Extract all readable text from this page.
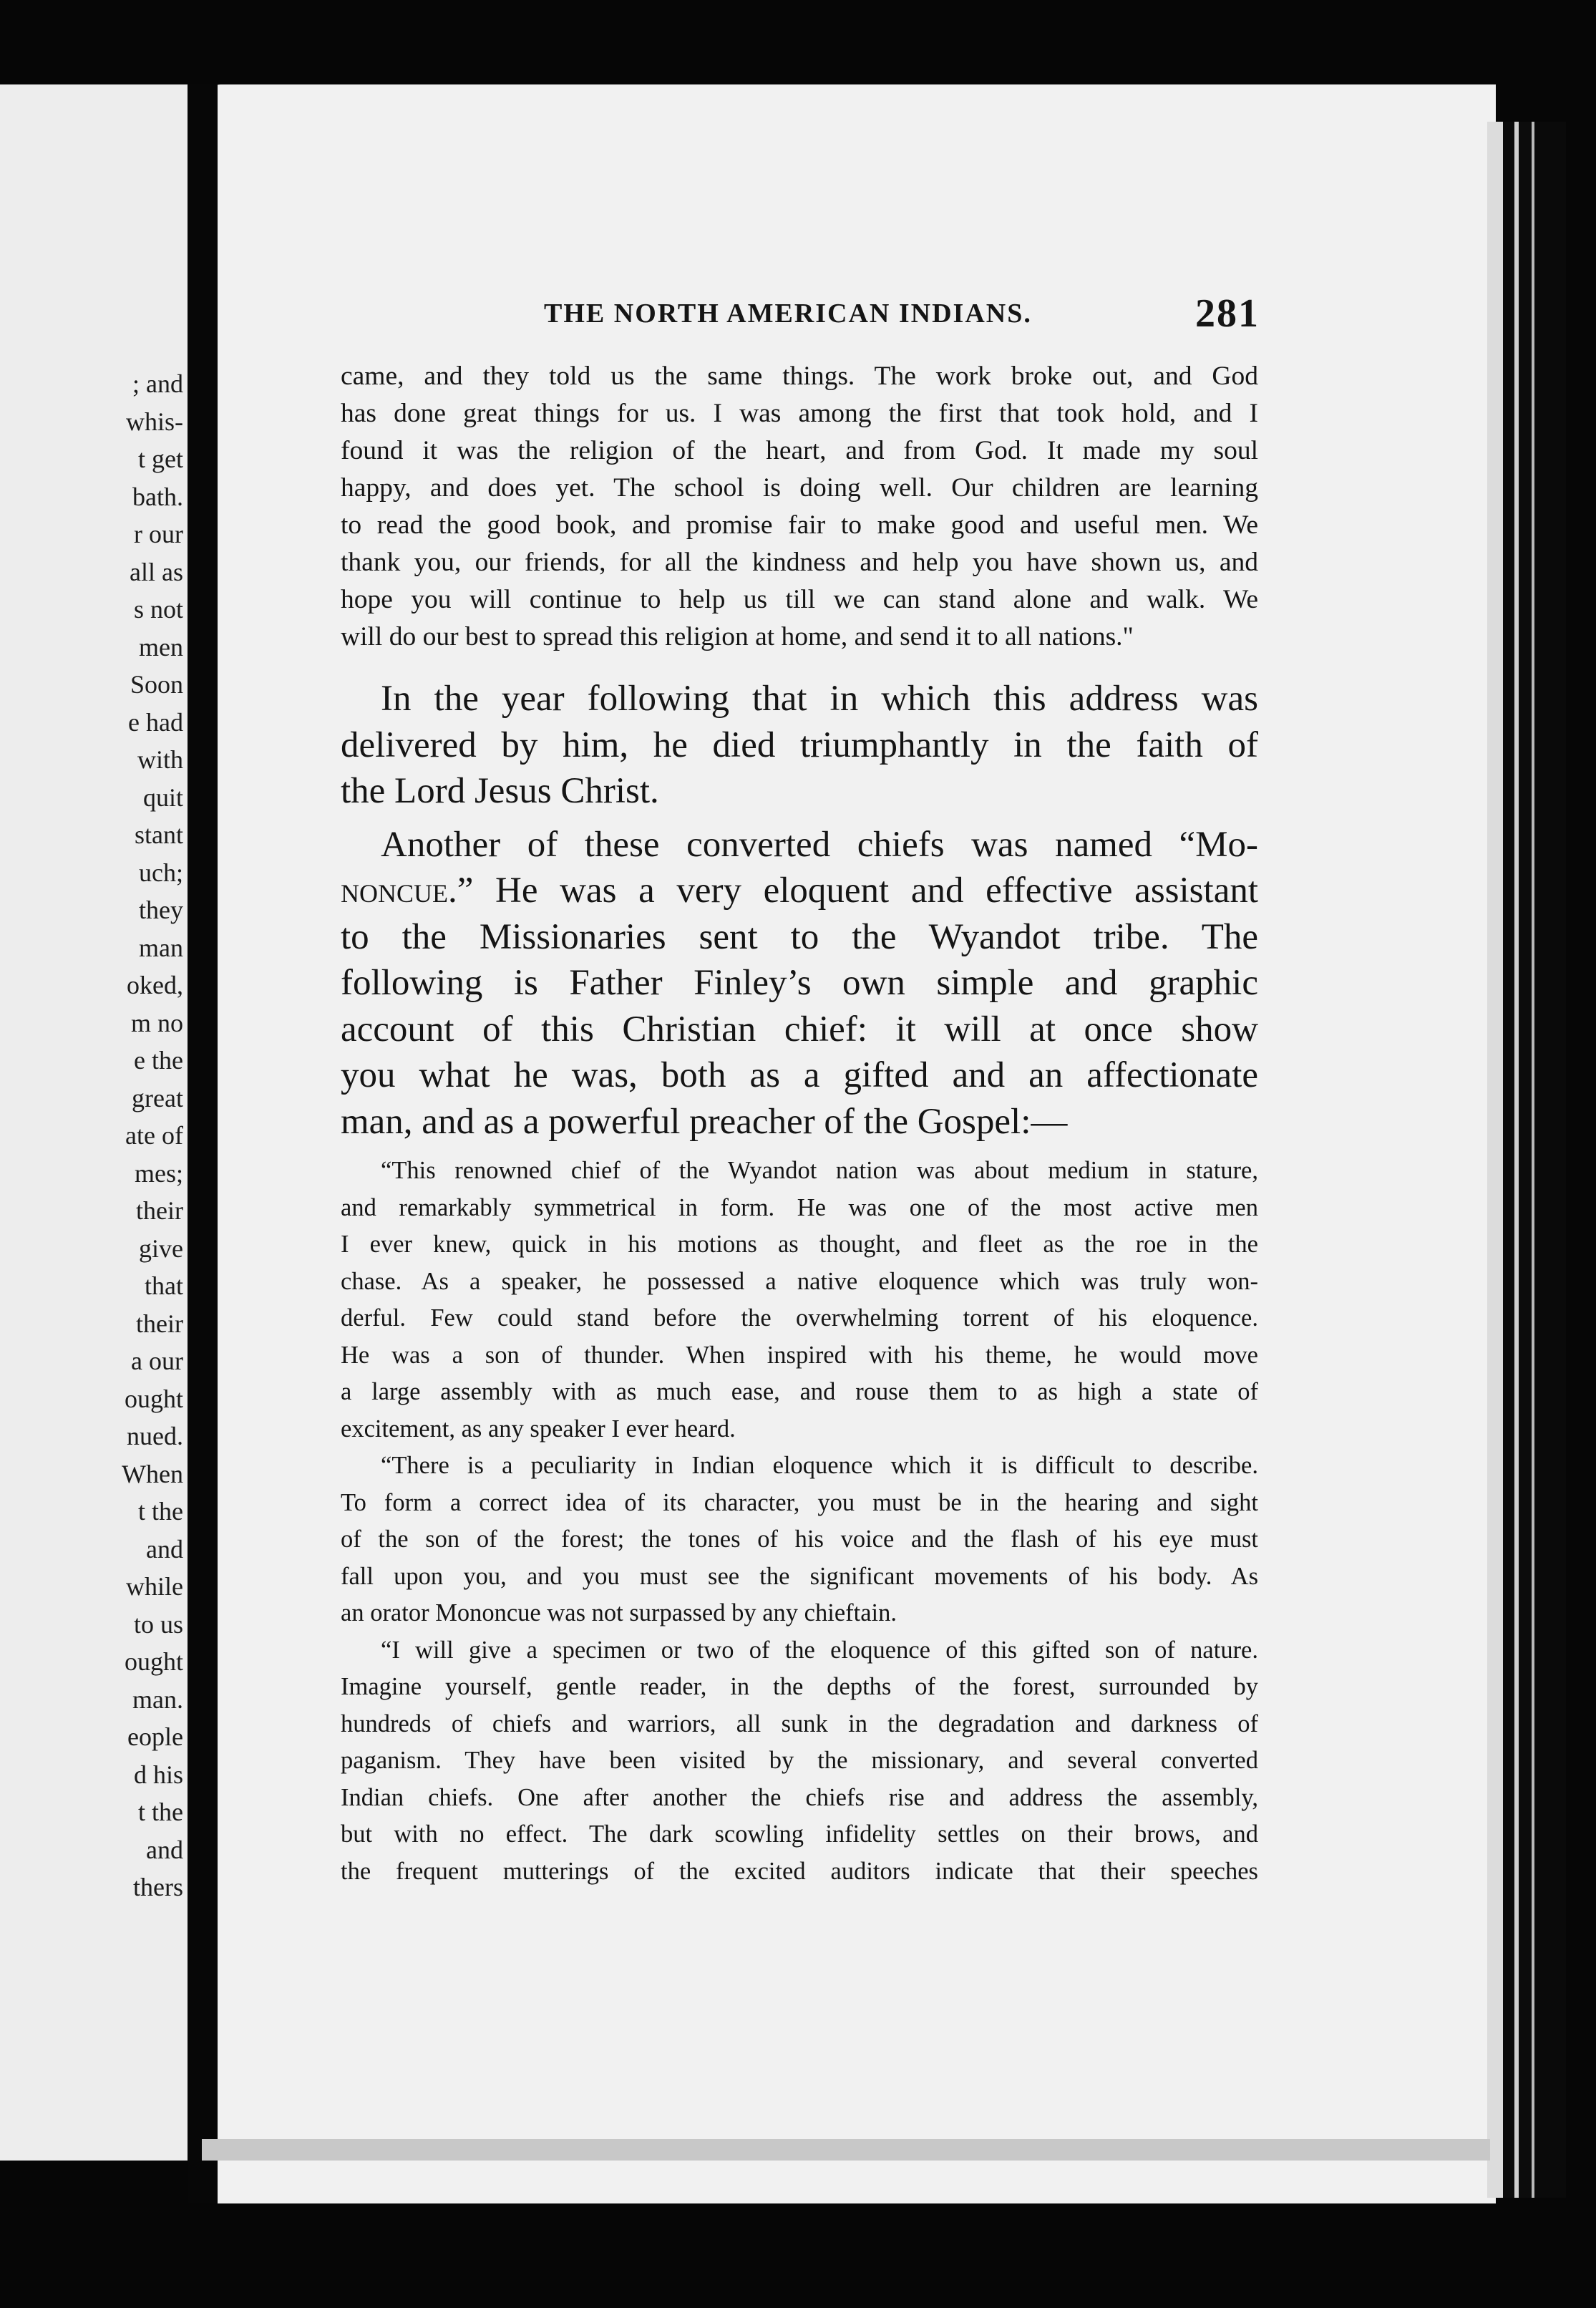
; and
whis-
t get
bath.
r our
all as
s not
men
Soon
e had
with
quit
stant
uch;
they
man
oked,
m no
e the
great
ate of
mes;
their
give
that
their
a our
ought
nued.
When
t the
and
while
to us
ought
man.
eople
d his
t the
and
thers
THE NORTH AMERICAN INDIANS.	281
came, and they told us the same things. The work broke out, and God
has done great things for us. I was among the first that took hold, and I
found it was the religion of the heart, and from God. It made my soul
happy, and does yet. The school is doing well. Our children are learning
to read the good book, and promise fair to make good and useful men. We
thank you, our friends, for all the kindness and help you have shown us, and
hope you will continue to help us till we can stand alone and walk. We
will do our best to spread this religion at home, and send it to all nations."
In the year following that in which this address was
delivered by him, he died triumphantly in the faith of
the Lord Jesus Christ.
Another of these converted chiefs was named “Mo-
noncue.” He was a very eloquent and effective assistant
to the Missionaries sent to the Wyandot tribe. The
following is Father Finley’s own simple and graphic
account of this Christian chief: it will at once show
you what he was, both as a gifted and an affectionate
man, and as a powerful preacher of the Gospel:—
“This renowned chief of the Wyandot nation was about medium in stature,
and remarkably symmetrical in form. He was one of the most active men
I ever knew, quick in his motions as thought, and fleet as the roe in the
chase. As a speaker, he possessed a native eloquence which was truly won-
derful. Few could stand before the overwhelming torrent of his eloquence.
He was a son of thunder. When inspired with his theme, he would move
a large assembly with as much ease, and rouse them to as high a state of
excitement, as any speaker I ever heard.
“There is a peculiarity in Indian eloquence which it is difficult to describe.
To form a correct idea of its character, you must be in the hearing and sight
of the son of the forest; the tones of his voice and the flash of his eye must
fall upon you, and you must see the significant movements of his body. As
an orator Mononcue was not surpassed by any chieftain.
“I will give a specimen or two of the eloquence of this gifted son of nature.
Imagine yourself, gentle reader, in the depths of the forest, surrounded by
hundreds of chiefs and warriors, all sunk in the degradation and darkness of
paganism. They have been visited by the missionary, and several converted
Indian chiefs. One after another the chiefs rise and address the assembly,
but with no effect. The dark scowling infidelity settles on their brows, and
the frequent mutterings of the excited auditors indicate that their speeches
